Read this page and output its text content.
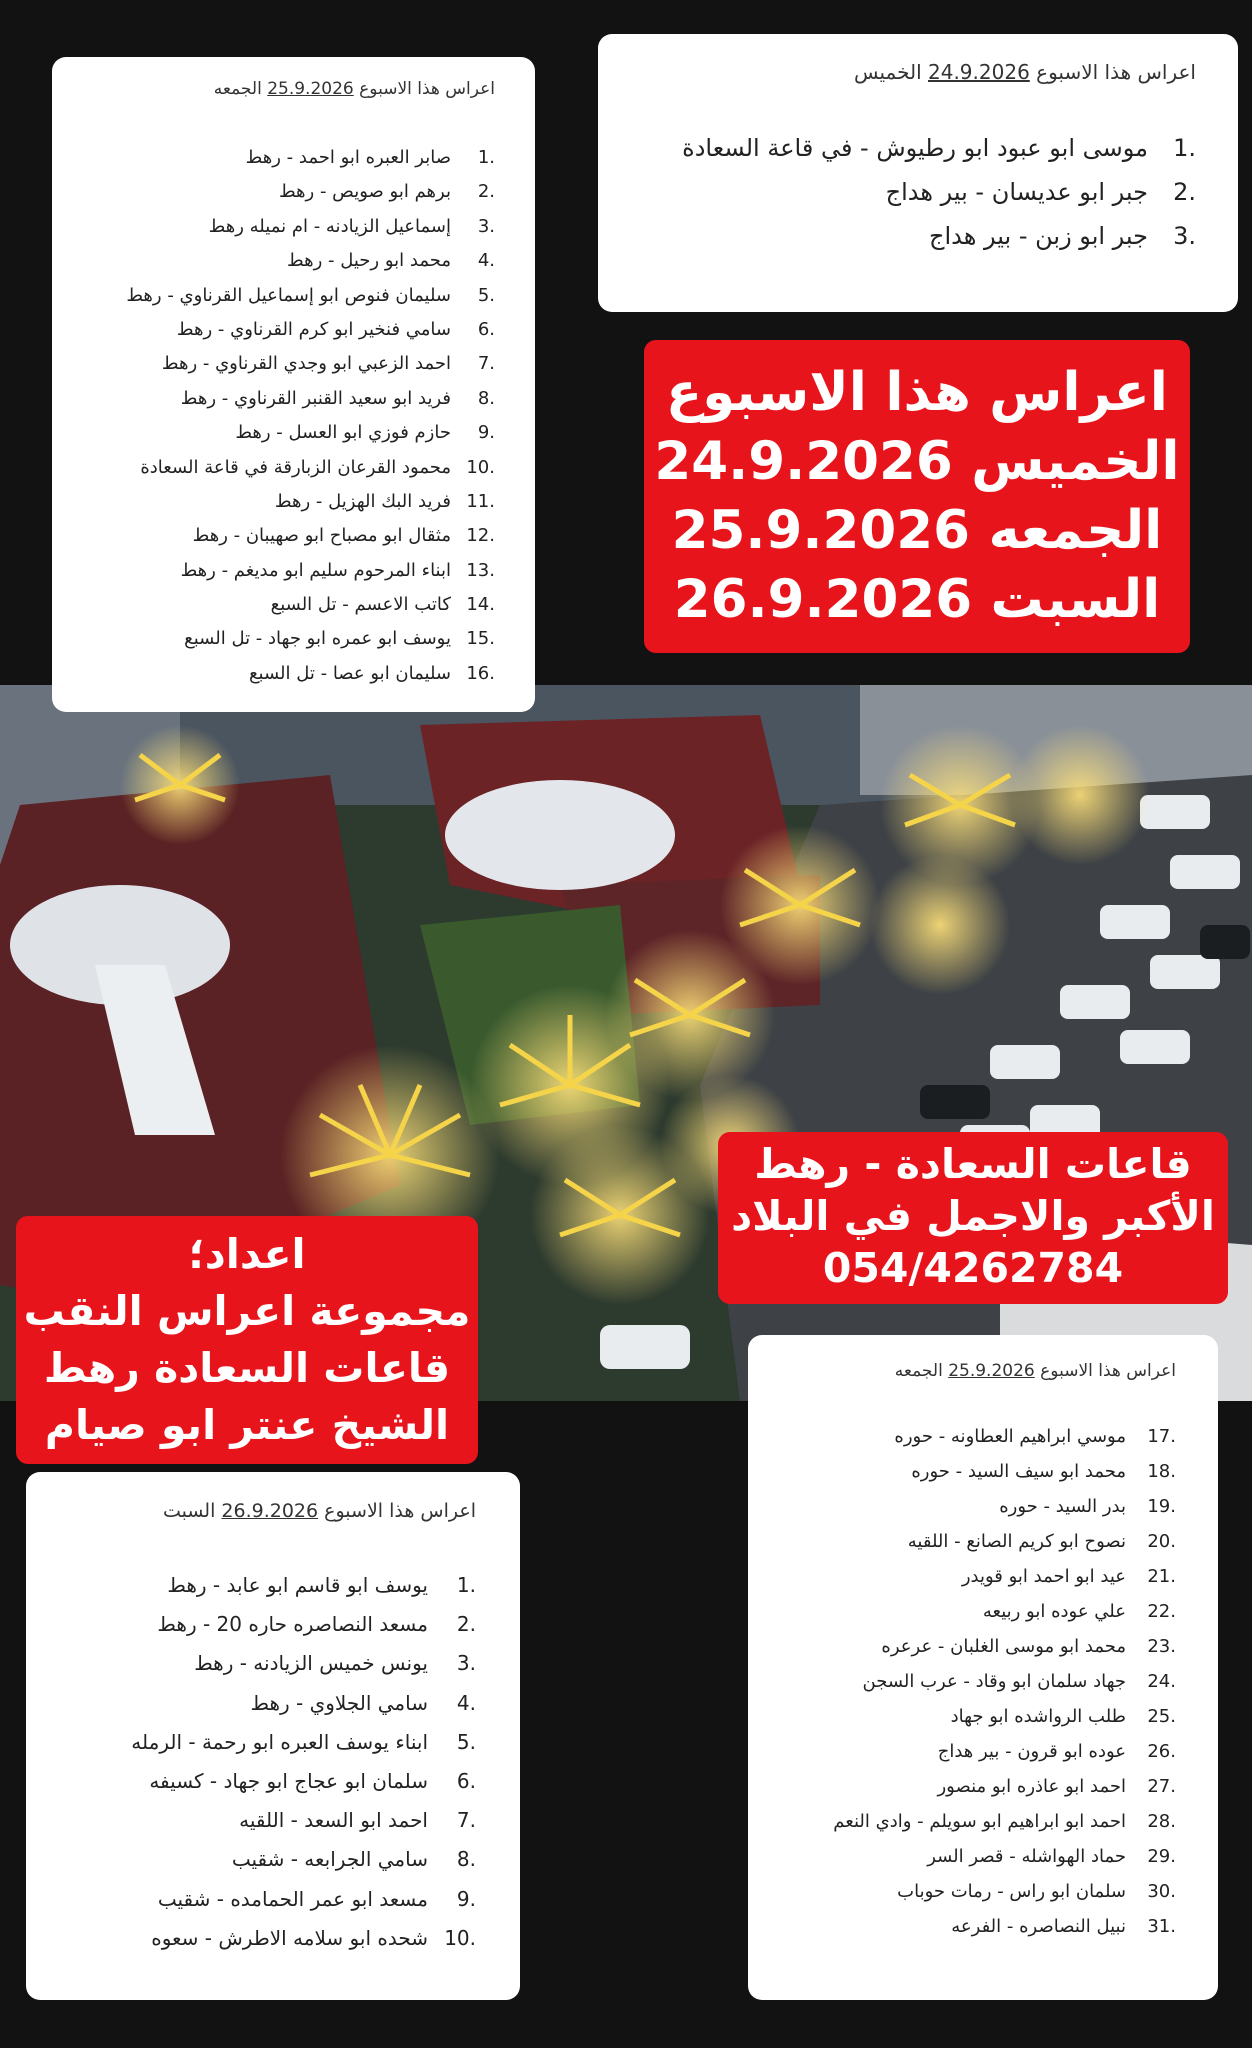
اعراس هذا الاسبوع 25.9.2026 الجمعه
1.
صابر العبره ابو احمد - رهط
2.
برهم ابو صويص - رهط
3.
إسماعيل الزيادنه - ام نميله رهط
4.
محمد ابو رحيل - رهط
5.
سليمان فنوص ابو إسماعيل القرناوي - رهط
6.
سامي فنخير ابو كرم القرناوي - رهط
7.
احمد الزعبي ابو وجدي القرناوي - رهط
8.
فريد ابو سعيد القنبر القرناوي - رهط
9.
حازم فوزي ابو العسل - رهط
10.
محمود القرعان الزبارقة في قاعة السعادة
11.
فريد البك الهزيل - رهط
12.
مثقال ابو مصباح ابو صهيبان - رهط
13.
ابناء المرحوم سليم ابو مديغم - رهط
14.
كاتب الاعسم - تل السبع
15.
يوسف ابو عمره ابو جهاد - تل السبع
16.
سليمان ابو عصا - تل السبع
اعراس هذا الاسبوع 24.9.2026 الخميس
1.
موسى ابو عبود ابو رطيوش - في قاعة السعادة
2.
جبر ابو عديسان - بير هداج
3.
جبر ابو زبن - بير هداج
اعراس هذا الاسبوع
الخميس 24.9.2026
الجمعه 25.9.2026
السبت 26.9.2026
قاعات السعادة - رهط
الأكبر والاجمل في البلاد
054/4262784
اعداد؛
مجموعة اعراس النقب
قاعات السعادة رهط
الشيخ عنتر ابو صيام
اعراس هذا الاسبوع 25.9.2026 الجمعه
17.
موسي ابراهيم العطاونه - حوره
18.
محمد ابو سيف السيد - حوره
19.
بدر السيد - حوره
20.
نصوح ابو كريم الصانع - اللقيه
21.
عيد ابو احمد ابو قويدر
22.
علي عوده ابو ربيعه
23.
محمد ابو موسى الغلبان - عرعره
24.
جهاد سلمان ابو وقاد - عرب السجن
25.
طلب الرواشده ابو جهاد
26.
عوده ابو قرون - بير هداج
27.
احمد ابو عاذره ابو منصور
28.
احمد ابو ابراهيم ابو سويلم - وادي النعم
29.
حماد الهواشله - قصر السر
30.
سلمان ابو راس - رمات حوباب
31.
نبيل النصاصره - الفرعه
اعراس هذا الاسبوع 26.9.2026 السبت
1.
يوسف ابو قاسم ابو عابد - رهط
2.
مسعد النصاصره حاره 20 - رهط
3.
يونس خميس الزيادنه - رهط
4.
سامي الجلاوي - رهط
5.
ابناء يوسف العبره ابو رحمة - الرمله
6.
سلمان ابو عجاج ابو جهاد - كسيفه
7.
احمد ابو السعد - اللقيه
8.
سامي الجرابعه - شقيب
9.
مسعد ابو عمر الحمامده - شقيب
10.
شحده ابو سلامه الاطرش - سعوه
